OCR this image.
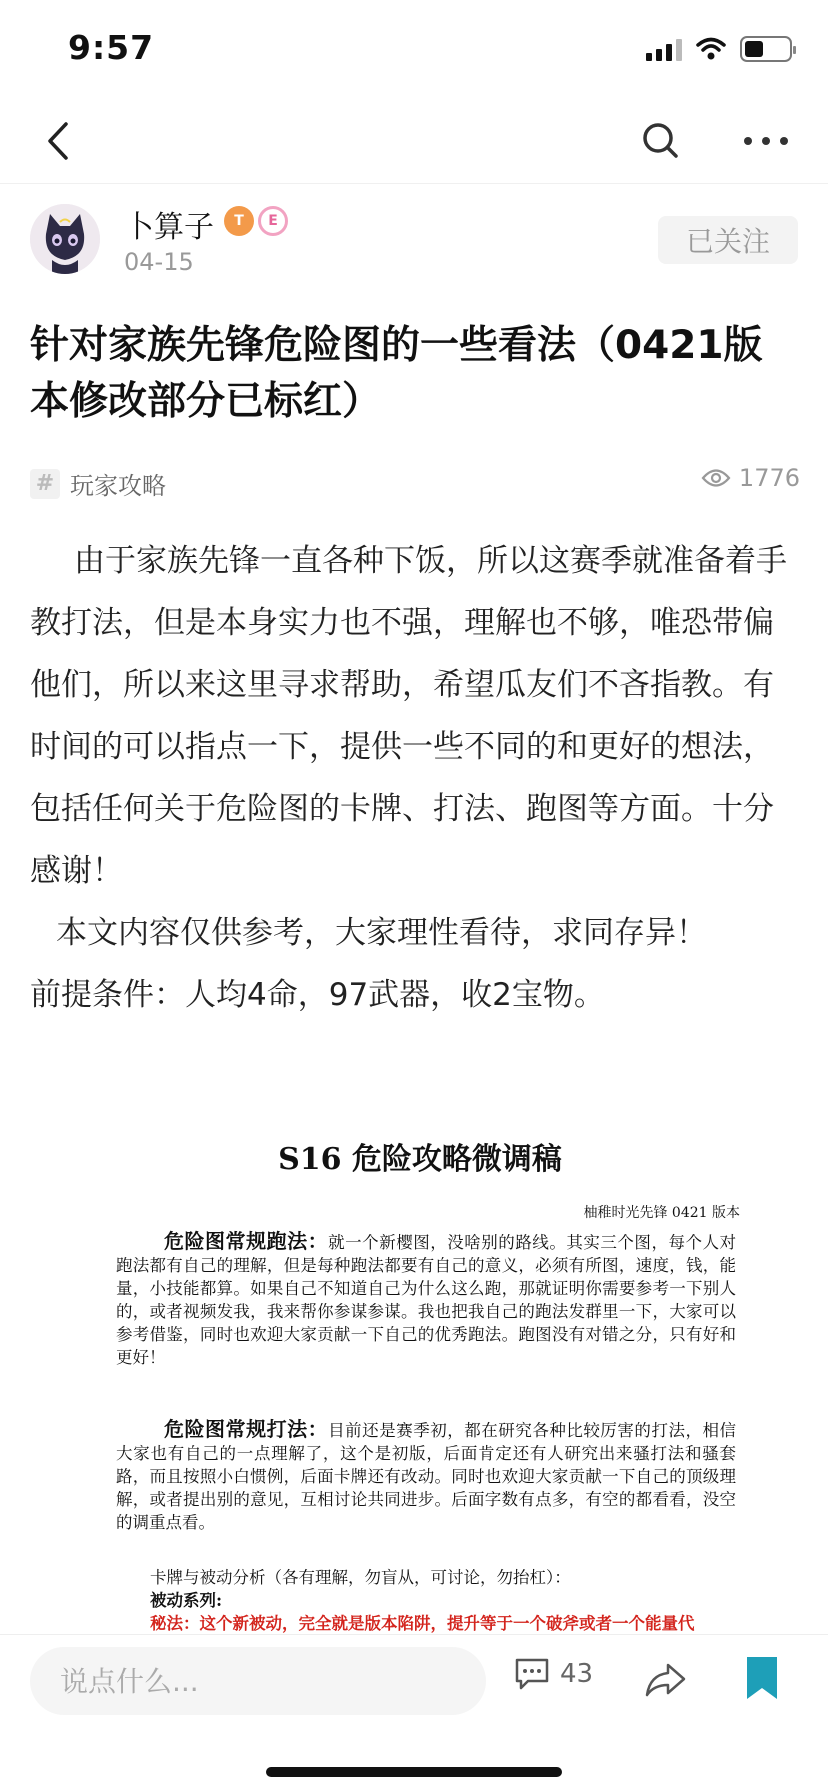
9:57
卜算子	T	E
04-15
已关注
针对家族先锋危险图的一些看法（0421版本修改部分已标红）
# 玩家攻略	1776

由于家族先锋一直各种下饭，所以这赛季就准备着手教打法，但是本身实力也不强，理解也不够，唯恐带偏他们，所以来这里寻求帮助，希望瓜友们不吝指教。有时间的可以指点一下，提供一些不同的和更好的想法，包括任何关于危险图的卡牌、打法、跑图等方面。十分感谢！

本文内容仅供参考，大家理性看待，求同存异！

前提条件：人均4命，97武器，收2宝物。

S16 危险攻略微调稿
柚稚时光先锋 0421 版本
危险图常规跑法：就一个新樱图，没啥别的路线。其实三个图，每个人对跑法都有自己的理解，但是每种跑法都要有自己的意义，必须有所图，速度，钱，能量，小技能都算。如果自己不知道自己为什么这么跑，那就证明你需要参考一下别人的，或者视频发我，我来帮你参谋参谋。我也把我自己的跑法发群里一下，大家可以参考借鉴，同时也欢迎大家贡献一下自己的优秀跑法。跑图没有对错之分，只有好和更好！
危险图常规打法：目前还是赛季初，都在研究各种比较厉害的打法，相信大家也有自己的一点理解了，这个是初版，后面肯定还有人研究出来骚打法和骚套路，而且按照小白惯例，后面卡牌还有改动。同时也欢迎大家贡献一下自己的顶级理解，或者提出别的意见，互相讨论共同进步。后面字数有点多，有空的都看看，没空的调重点看。
卡牌与被动分析（各有理解，勿盲从，可讨论，勿抬杠）：
被动系列:
秘法：这个新被动，完全就是版本陷阱，提升等于一个破斧或者一个能量代
说点什么...
43
